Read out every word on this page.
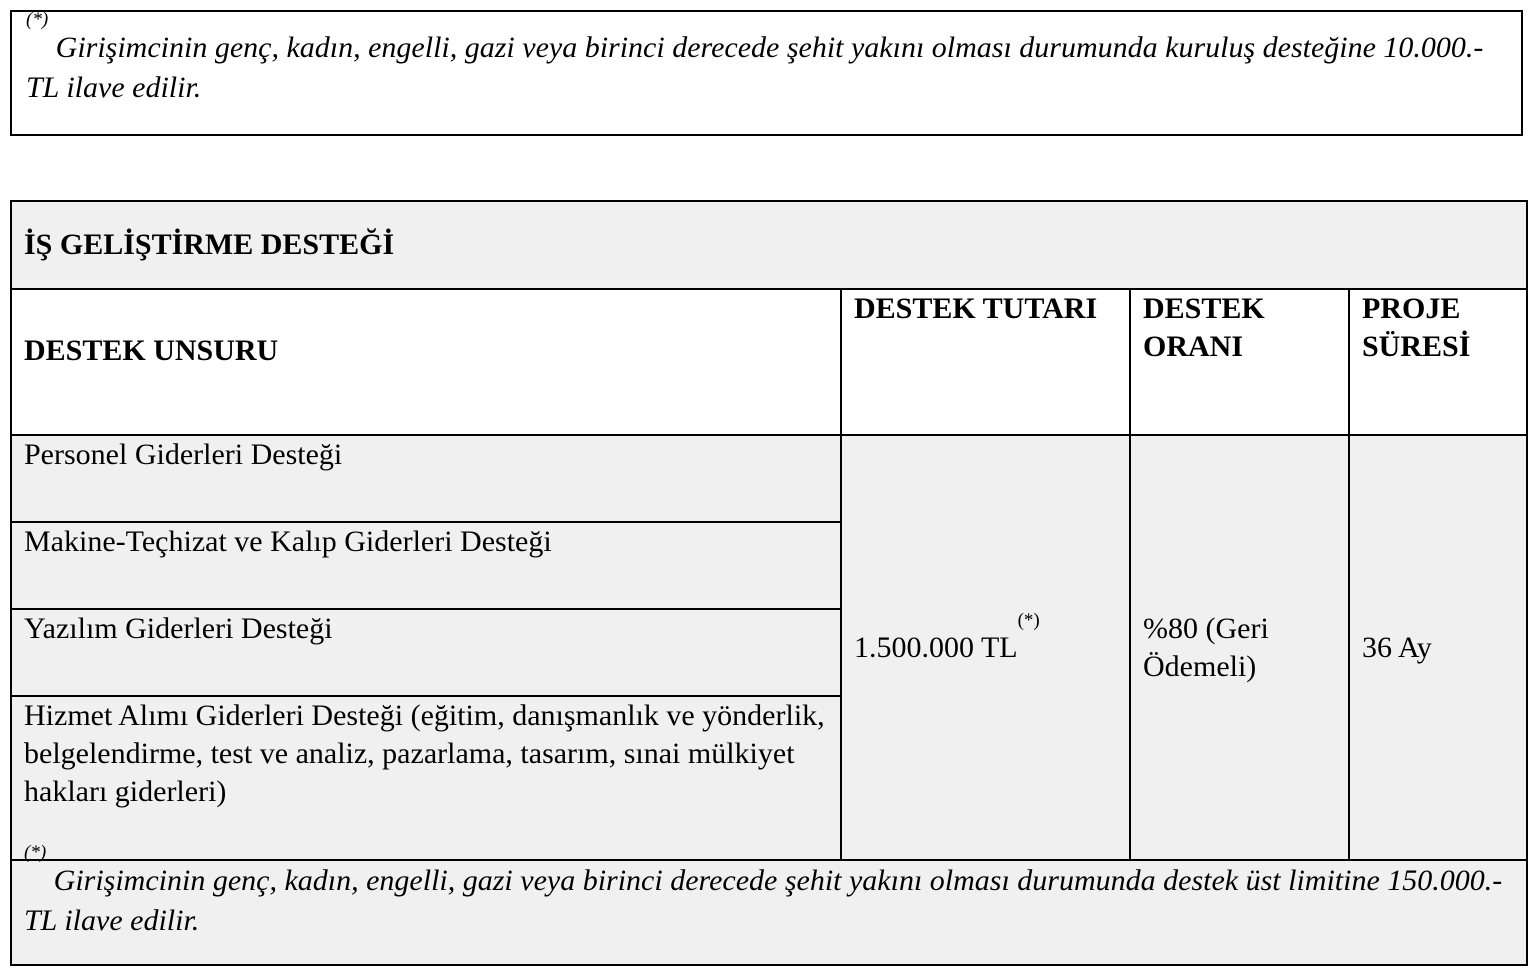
(*) Girişimcinin genç, kadın, engelli, gazi veya birinci derecede şehit yakını olması durumunda kuruluş desteğine 10.000.-TL ilave edilir.
İŞ GELİŞTİRME DESTEĞİ			
DESTEK UNSURU	DESTEK TUTARI	DESTEK ORANI	PROJE SÜRESİ
Personel Giderleri Desteği	1.500.000 TL(*)	%80 (Geri Ödemeli)	36 Ay
Makine-Teçhizat ve Kalıp Giderleri Desteği			
Yazılım Giderleri Desteği			
Hizmet Alımı Giderleri Desteği (eğitim, danışmanlık ve yönderlik, belgelendirme, test ve analiz, pazarlama, tasarım, sınai mülkiyet hakları giderleri)			
(*) Girişimcinin genç, kadın, engelli, gazi veya birinci derecede şehit yakını olması durumunda destek üst limitine 150.000.-TL ilave edilir.			
